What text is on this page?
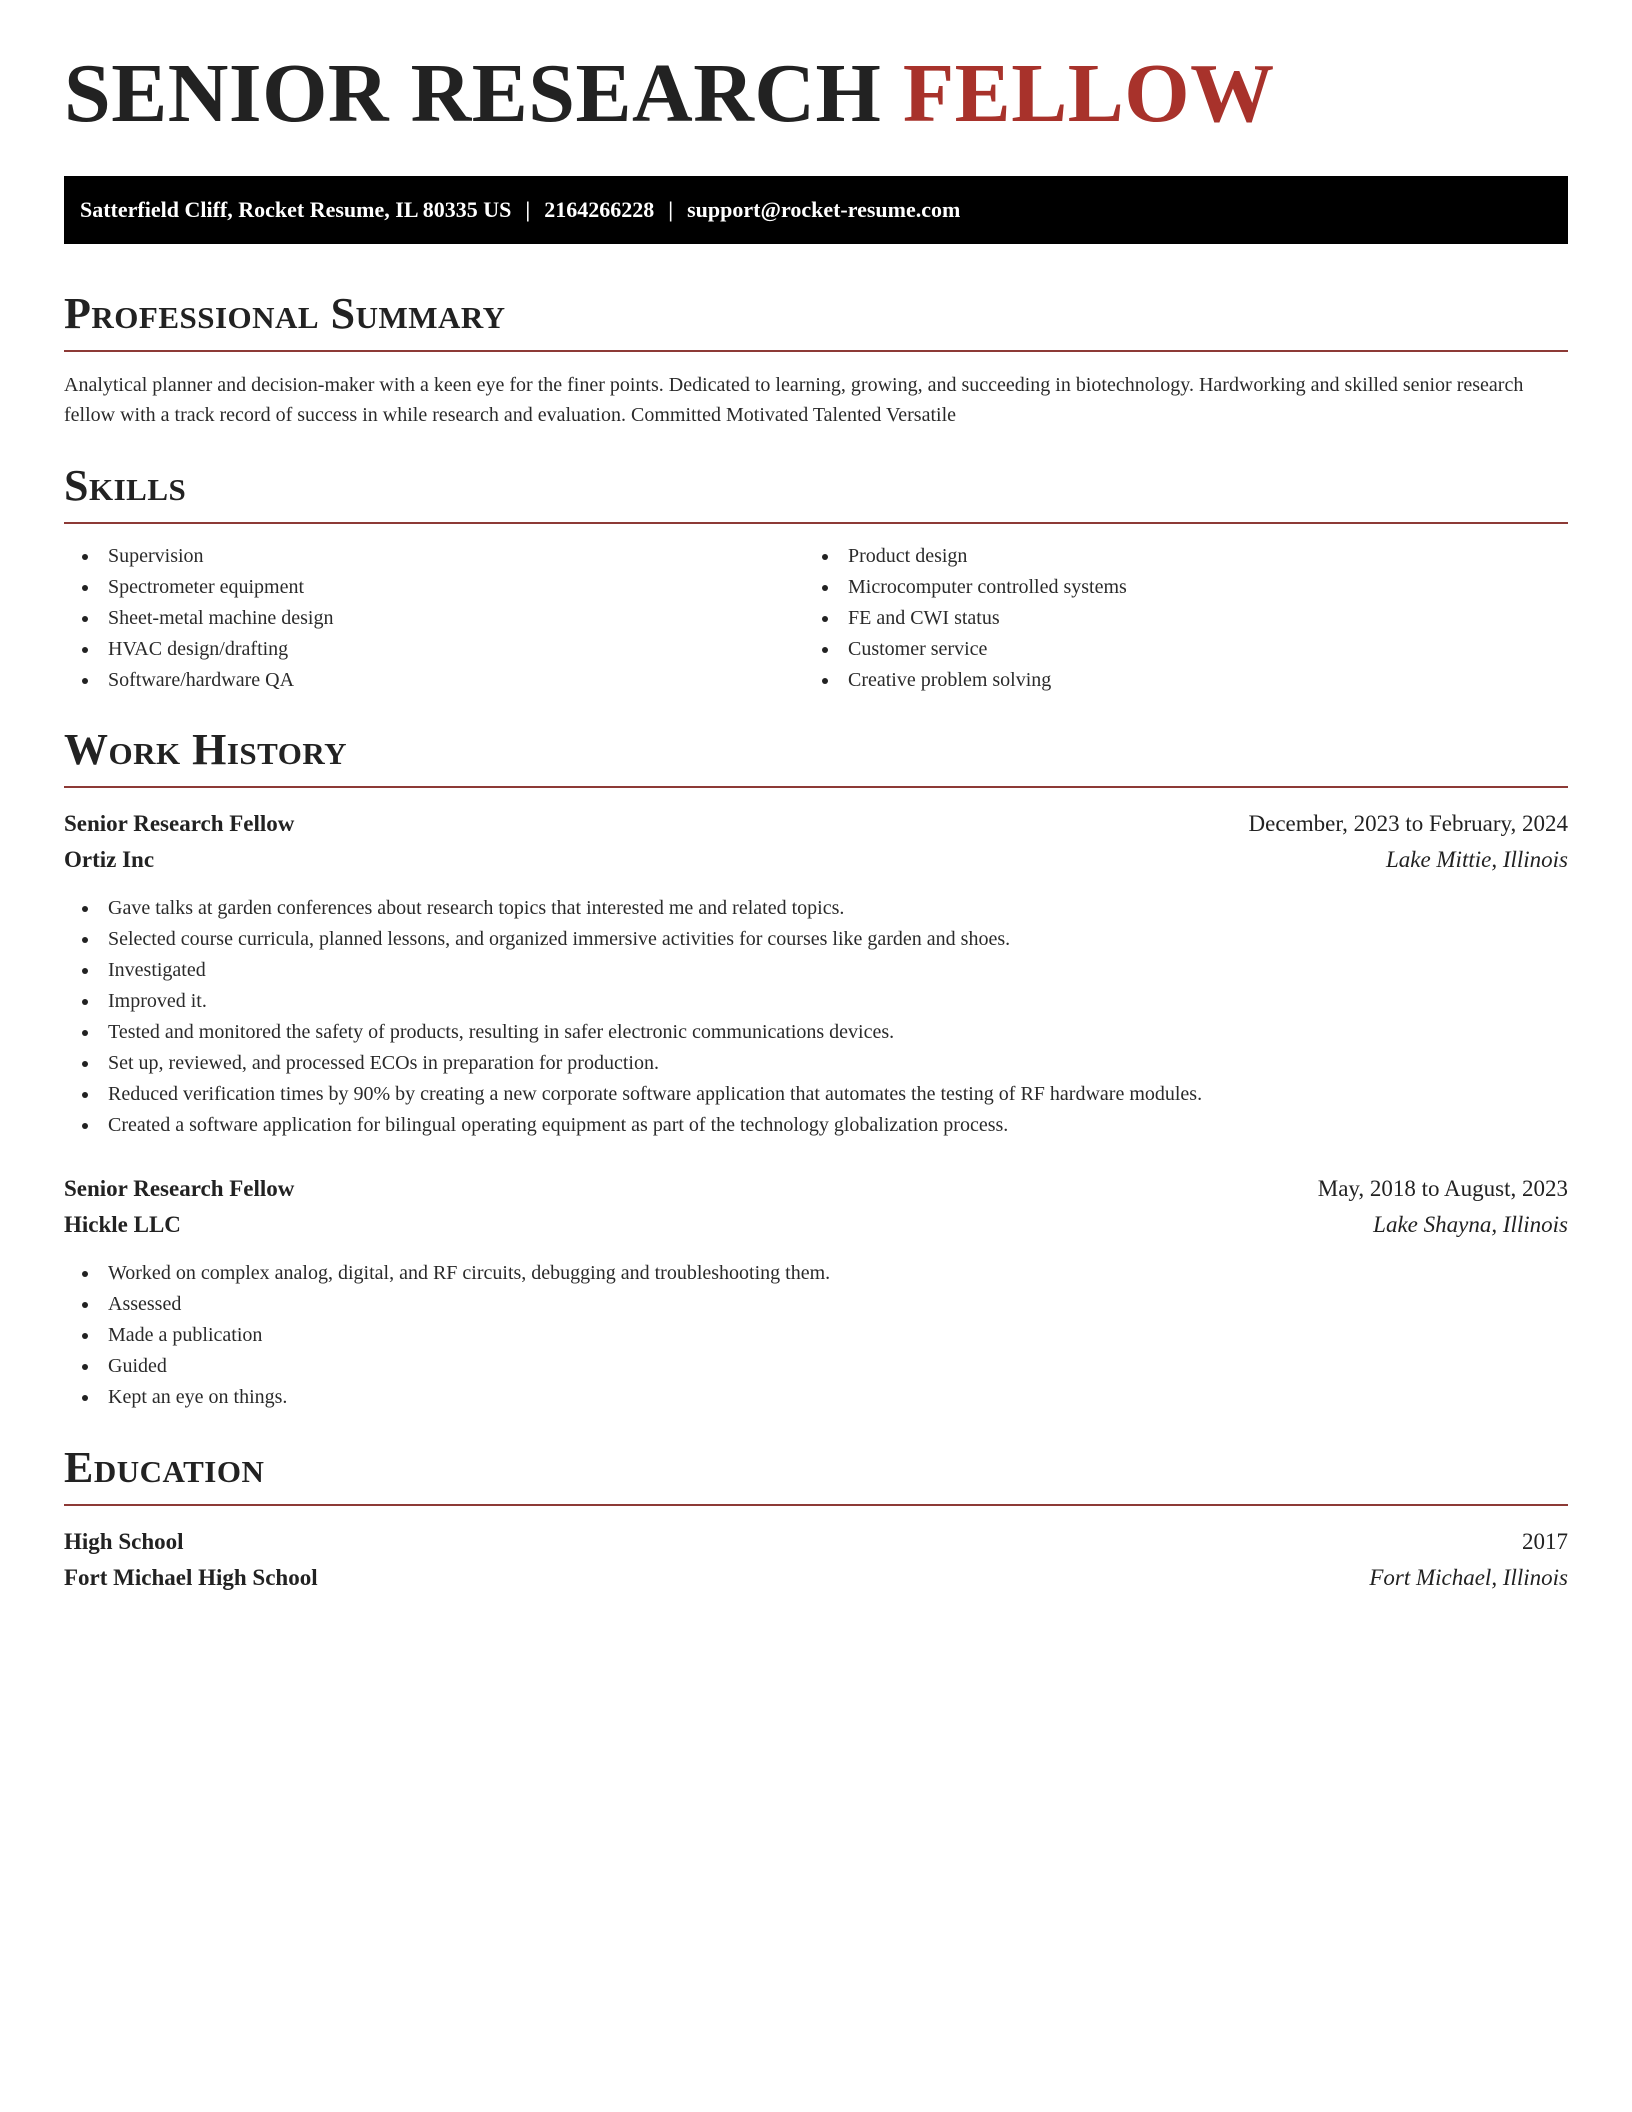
SENIOR RESEARCH FELLOW
Satterfield Cliff, Rocket Resume, IL 80335 US | 2164266228 | support@rocket-resume.com
Professional Summary

Analytical planner and decision-maker with a keen eye for the finer points. Dedicated to learning, growing, and succeeding in biotechnology. Hardworking and skilled senior research fellow with a track record of success in while research and evaluation. Committed Motivated Talented Versatile

Skills
Supervision
Spectrometer equipment
Sheet-metal machine design
HVAC design/drafting
Software/hardware QA
Product design
Microcomputer controlled systems
FE and CWI status
Customer service
Creative problem solving
Work History
Senior Research Fellow	December, 2023 to February, 2024
Ortiz Inc	Lake Mittie, Illinois
Gave talks at garden conferences about research topics that interested me and related topics.
Selected course curricula, planned lessons, and organized immersive activities for courses like garden and shoes.
Investigated
Improved it.
Tested and monitored the safety of products, resulting in safer electronic communications devices.
Set up, reviewed, and processed ECOs in preparation for production.
Reduced verification times by 90% by creating a new corporate software application that automates the testing of RF hardware modules.
Created a software application for bilingual operating equipment as part of the technology globalization process.
Senior Research Fellow	May, 2018 to August, 2023
Hickle LLC	Lake Shayna, Illinois
Worked on complex analog, digital, and RF circuits, debugging and troubleshooting them.
Assessed
Made a publication
Guided
Kept an eye on things.
Education
High School	2017
Fort Michael High School	Fort Michael, Illinois
